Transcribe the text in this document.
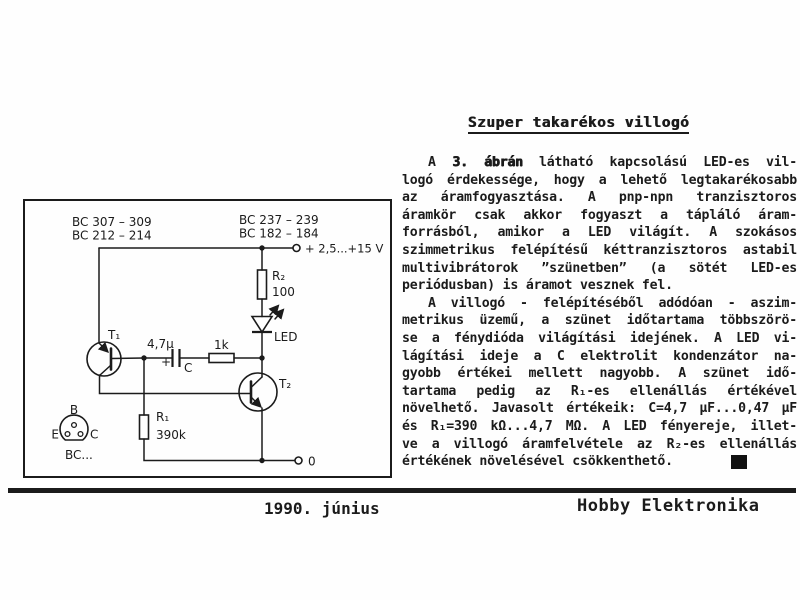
BC 307 – 309
BC 212 – 214
BC 237 – 239
BC 182 – 184
+ 2,5...+15 V
0
T₁
T₂
R₂
100
R₁
390k
1k
4,7µ
+ C
LED
B
E	C
BC...
Szuper takarékos villogó
A 3. ábrán látható kapcsolású LED-es vil-
logó érdekessége, hogy a lehető legtakarékosabb
az áramfogyasztása. A pnp-npn tranzisztoros
áramkör csak akkor fogyaszt a tápláló áram-
forrásból, amikor a LED világít. A szokásos
szimmetrikus felépítésű kéttranzisztoros astabil
multivibrátorok ”szünetben” (a sötét LED-es
periódusban) is áramot vesznek fel.
A villogó - felépítéséből adódóan - aszim-
metrikus üzemű, a szünet időtartama többszörö-
se a fénydióda világítási idejének. A LED vi-
lágítási ideje a C elektrolit kondenzátor na-
gyobb értékei mellett nagyobb. A szünet idő-
tartama pedig az R₁-es ellenállás értékével
növelhető. Javasolt értékeik: C=4,7 µF...0,47 µF
és R₁=390 kΩ...4,7 MΩ. A LED fényereje, illet-
ve a villogó áramfelvétele az R₂-es ellenállás
értékének növelésével csökkenthető.
1990. június	Hobby Elektronika
